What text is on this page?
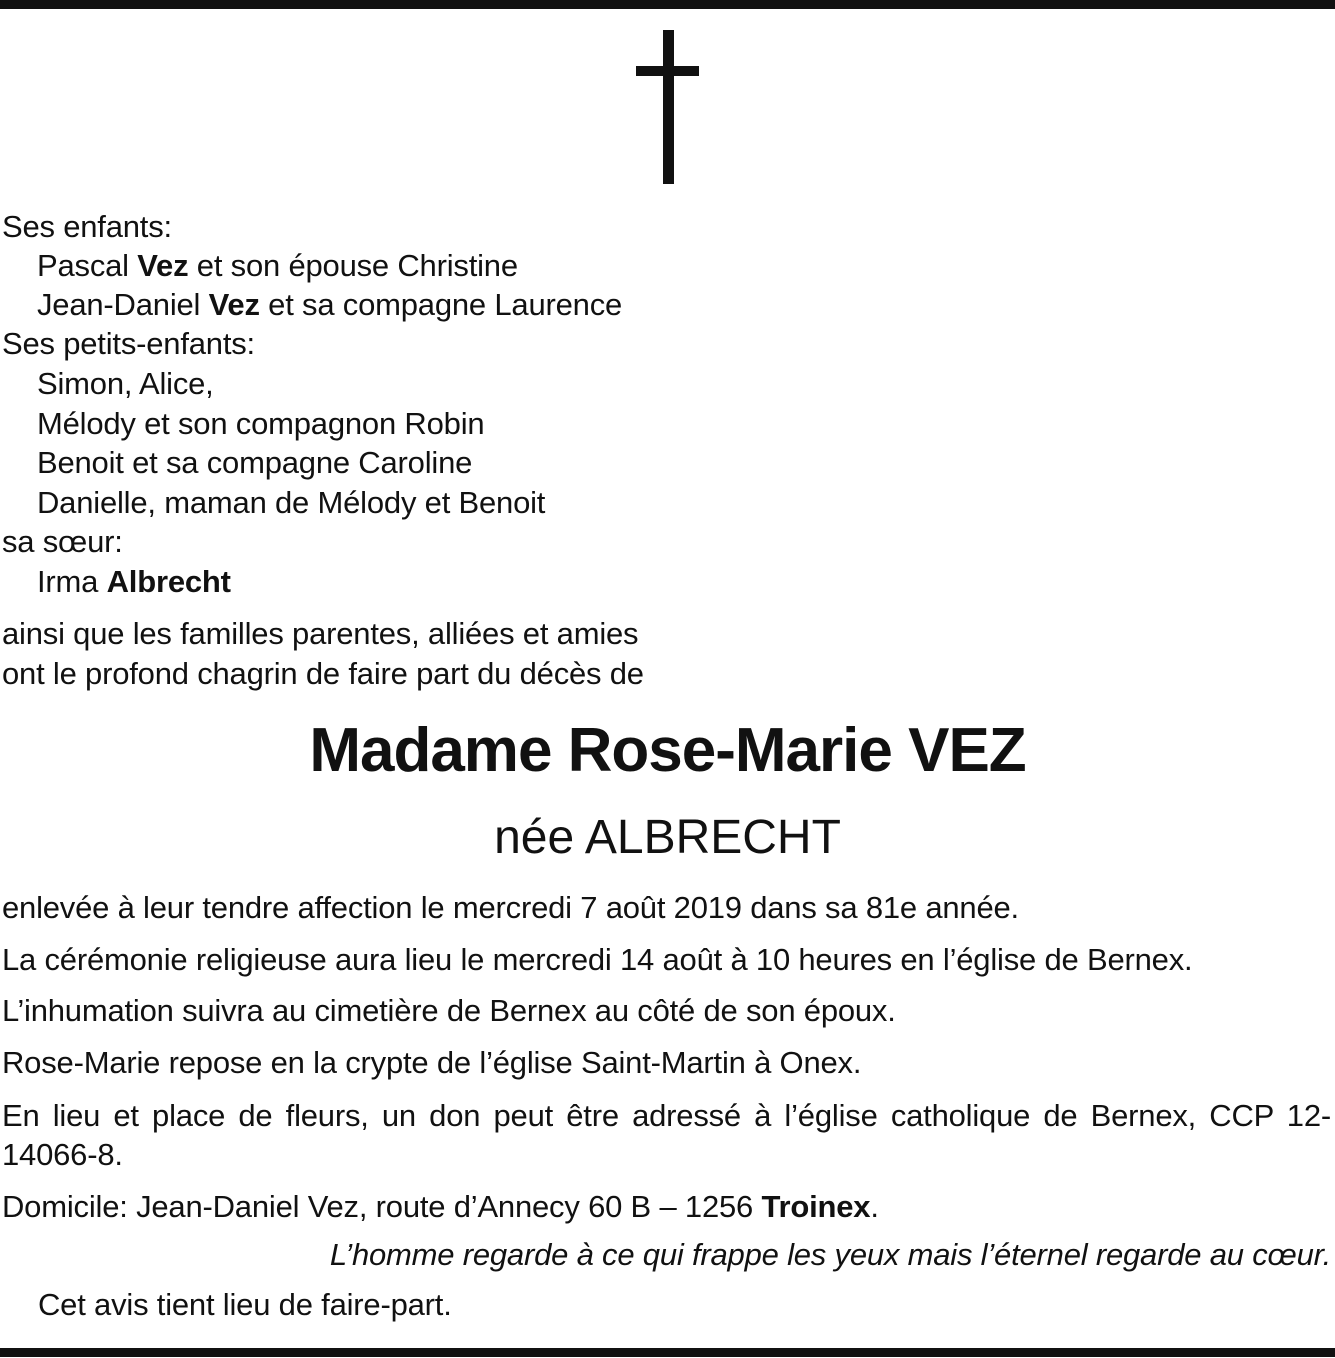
Ses enfants:

Pascal Vez et son épouse Christine

Jean-Daniel Vez et sa compagne Laurence

Ses petits-enfants:

Simon, Alice,

Mélody et son compagnon Robin

Benoit et sa compagne Caroline

Danielle, maman de Mélody et Benoit

sa sœur:

Irma Albrecht

ainsi que les familles parentes, alliées et amies

ont le profond chagrin de faire part du décès de

Madame Rose-Marie VEZ
née ALBRECHT

enlevée à leur tendre affection le mercredi 7 août 2019 dans sa 81e année.

La cérémonie religieuse aura lieu le mercredi 14 août à 10 heures en l’église de Bernex.

L’inhumation suivra au cimetière de Bernex au côté de son époux.

Rose-Marie repose en la crypte de l’église Saint-Martin à Onex.

En lieu et place de fleurs, un don peut être adressé à l’église catholique de Bernex, CCP 12-14066-8.

Domicile: Jean-Daniel Vez, route d’Annecy 60 B – 1256 Troinex.

L’homme regarde à ce qui frappe les yeux mais l’éternel regarde au cœur.

Cet avis tient lieu de faire-part.
